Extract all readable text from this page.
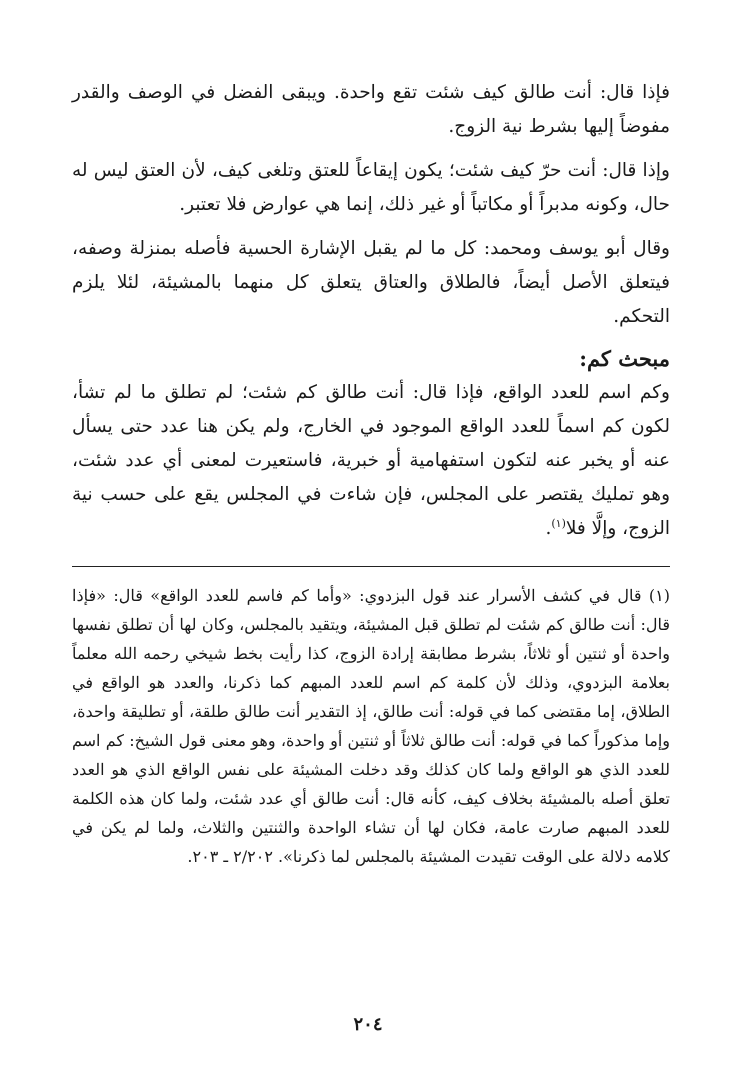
فإذا قال: أنت طالق كيف شئت تقع واحدة. ويبقى الفضل في الوصف والقدر مفوضاً إليها بشرط نية الزوج.

وإذا قال: أنت حرّ كيف شئت؛ يكون إيقاعاً للعتق وتلغى كيف، لأن العتق ليس له حال، وكونه مدبراً أو مكاتباً أو غير ذلك، إنما هي عوارض فلا تعتبر.

وقال أبو يوسف ومحمد: كل ما لم يقبل الإشارة الحسية فأصله بمنزلة وصفه، فيتعلق الأصل أيضاً، فالطلاق والعتاق يتعلق كل منهما بالمشيئة، لئلا يلزم التحكم.

مبحث كم:

وكم اسم للعدد الواقع، فإذا قال: أنت طالق كم شئت؛ لم تطلق ما لم تشأ، لكون كم اسماً للعدد الواقع الموجود في الخارج، ولم يكن هنا عدد حتى يسأل عنه أو يخبر عنه لتكون استفهامية أو خبرية، فاستعيرت لمعنى أي عدد شئت، وهو تمليك يقتصر على المجلس، فإن شاءت في المجلس يقع على حسب نية الزوج، وإلَّا فلا$^{(١)}$.

(١) قال في كشف الأسرار عند قول البزدوي: «وأما كم فاسم للعدد الواقع» قال: «فإذا قال: أنت طالق كم شئت لم تطلق قبل المشيئة، ويتقيد بالمجلس، وكان لها أن تطلق نفسها واحدة أو ثنتين أو ثلاثاً، بشرط مطابقة إرادة الزوج، كذا رأيت بخط شيخي رحمه الله معلماً بعلامة البزدوي، وذلك لأن كلمة كم اسم للعدد المبهم كما ذكرنا، والعدد هو الواقع في الطلاق، إما مقتضى كما في قوله: أنت طالق، إذ التقدير أنت طالق طلقة، أو تطليقة واحدة، وإما مذكوراً كما في قوله: أنت طالق ثلاثاً أو ثنتين أو واحدة، وهو معنى قول الشيخ: كم اسم للعدد الذي هو الواقع ولما كان كذلك وقد دخلت المشيئة على نفس الواقع الذي هو العدد تعلق أصله بالمشيئة بخلاف كيف، كأنه قال: أنت طالق أي عدد شئت، ولما كان هذه الكلمة للعدد المبهم صارت عامة، فكان لها أن تشاء الواحدة والثنتين والثلاث، ولما لم يكن في كلامه دلالة على الوقت تقيدت المشيئة بالمجلس لما ذكرنا». ٢/٢٠٢ ـ ٢٠٣.

٢٠٤
